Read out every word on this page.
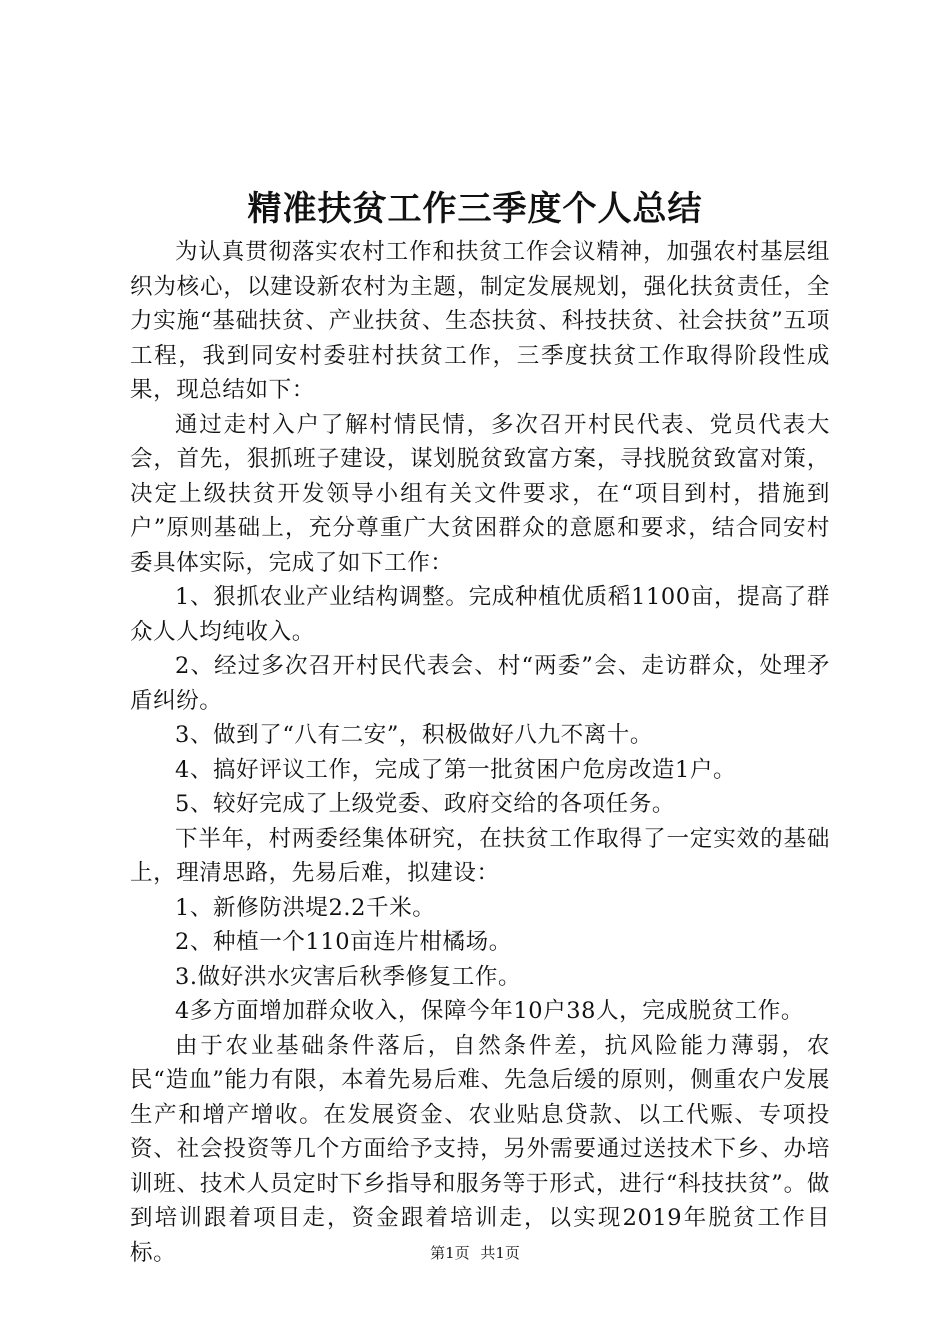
精准扶贫工作三季度个人总结

为认真贯彻落实农村工作和扶贫工作会议精神，加强农村基层组织为核心，以建设新农村为主题，制定发展规划，强化扶贫责任，全力实施“基础扶贫、产业扶贫、生态扶贫、科技扶贫、社会扶贫”五项工程，我到同安村委驻村扶贫工作，三季度扶贫工作取得阶段性成果，现总结如下：

通过走村入户了解村情民情，多次召开村民代表、党员代表大会，首先，狠抓班子建设，谋划脱贫致富方案，寻找脱贫致富对策，决定上级扶贫开发领导小组有关文件要求，在“项目到村，措施到户”原则基础上，充分尊重广大贫困群众的意愿和要求，结合同安村委具体实际，完成了如下工作：

1、狠抓农业产业结构调整。完成种植优质稻1100亩，提高了群众人人均纯收入。

2、经过多次召开村民代表会、村“两委”会、走访群众，处理矛盾纠纷。

3、做到了“八有二安”，积极做好八九不离十。

4、搞好评议工作，完成了第一批贫困户危房改造1户。

5、较好完成了上级党委、政府交给的各项任务。

下半年，村两委经集体研究，在扶贫工作取得了一定实效的基础上，理清思路，先易后难，拟建设：

1、新修防洪堤2.2千米。

2、种植一个110亩连片柑橘场。

3.做好洪水灾害后秋季修复工作。

4多方面增加群众收入，保障今年10户38人，完成脱贫工作。

由于农业基础条件落后，自然条件差，抗风险能力薄弱，农民“造血”能力有限，本着先易后难、先急后缓的原则，侧重农户发展生产和增产增收。在发展资金、农业贴息贷款、以工代赈、专项投资、社会投资等几个方面给予支持，另外需要通过送技术下乡、办培训班、技术人员定时下乡指导和服务等于形式，进行“科技扶贫”。做到培训跟着项目走，资金跟着培训走，以实现2019年脱贫工作目标。	第1页 共1页
